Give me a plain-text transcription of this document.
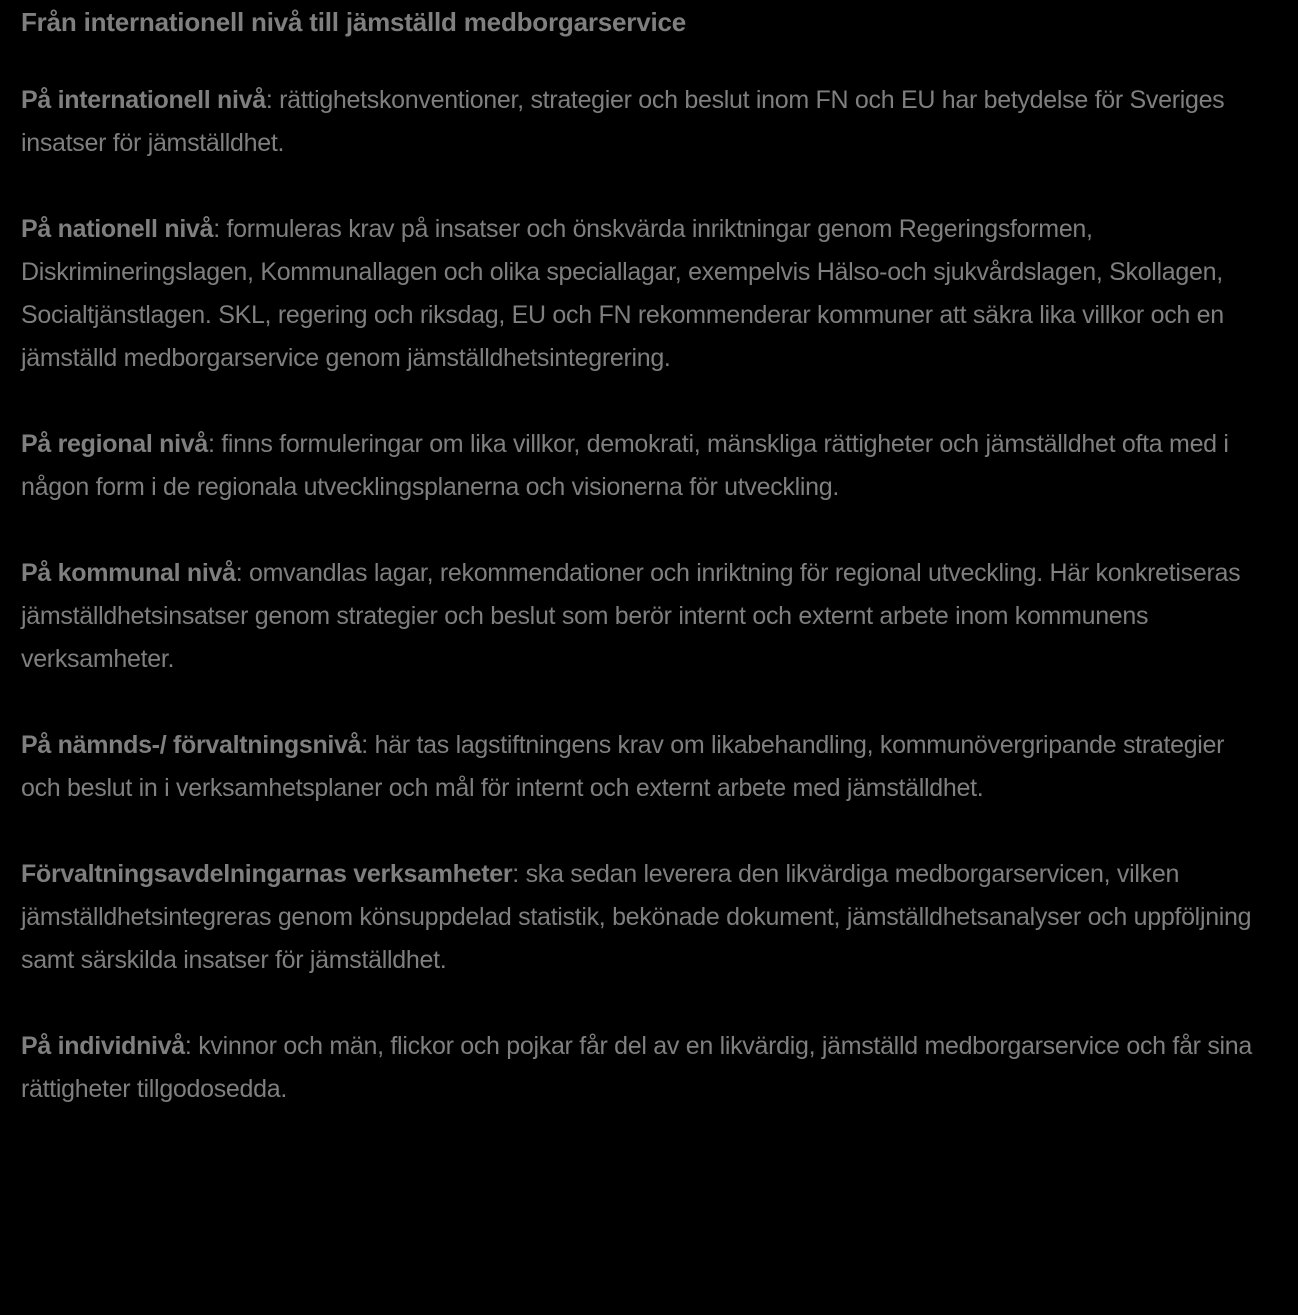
Från internationell nivå till jämställd medborgarservice

På internationell nivå: rättighetskonventioner, strategier och beslut inom FN och EU har betydelse för Sveriges insatser för jämställdhet.

På nationell nivå: formuleras krav på insatser och önskvärda inriktningar genom Regeringsformen, Diskrimineringslagen, Kommunallagen och olika speciallagar, exempelvis Hälso-och sjukvårdslagen, Skollagen, Socialtjänstlagen. SKL, regering och riksdag, EU och FN rekommenderar kommuner att säkra lika villkor och en jämställd medborgarservice genom jämställdhetsintegrering.

På regional nivå: finns formuleringar om lika villkor, demokrati, mänskliga rättigheter och jämställdhet ofta med i någon form i de regionala utvecklingsplanerna och visionerna för utveckling.

På kommunal nivå: omvandlas lagar, rekommendationer och inriktning för regional utveckling. Här konkretiseras jämställdhetsinsatser genom strategier och beslut som berör internt och externt arbete inom kommunens verksamheter.

På nämnds-/ förvaltningsnivå: här tas lagstiftningens krav om likabehandling, kommunövergripande strategier och beslut in i verksamhetsplaner och mål för internt och externt arbete med jämställdhet.

Förvaltningsavdelningarnas verksamheter: ska sedan leverera den likvärdiga medborgarservicen, vilken jämställdhetsintegreras genom könsuppdelad statistik, bekönade dokument, jämställdhetsanalyser och uppföljning samt särskilda insatser för jämställdhet.

På individnivå: kvinnor och män, flickor och pojkar får del av en likvärdig, jämställd medborgarservice och får sina rättigheter tillgodosedda.
